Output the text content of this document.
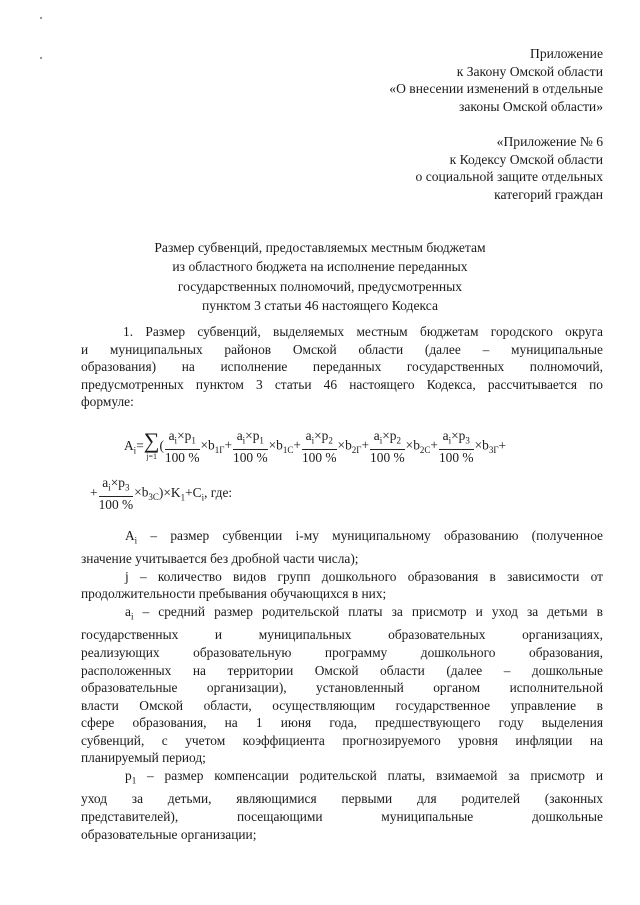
Приложение
к Закону Омской области
«О внесении изменений в отдельные
законы Омской области»
«Приложение № 6
к Кодексу Омской области
о социальной защите отдельных
категорий граждан
Размер субвенций, предоставляемых местным бюджетам
из областного бюджета на исполнение переданных
государственных полномочий, предусмотренных
пунктом 3 статьи 46 настоящего Кодекса
1. Размер субвенций, выделяемых местным бюджетам городского округа
и муниципальных районов Омской области (далее – муниципальные
образования) на исполнение переданных государственных полномочий,
предусмотренных пунктом 3 статьи 46 настоящего Кодекса, рассчитывается по
формуле:
$A_i=\sum$
j=1
( $\frac{a_i\times p_1}{100 \%} \times b_{1Г}+ \frac{a_i\times p_1}{100 \%} \times b_{1С}+ \frac{a_i\times p_2}{100 \%} \times b_{2Г}+ \frac{a_i\times p_2}{100 \%} \times b_{2С}+ \frac{a_i\times p_3}{100 \%} \times b_{3Г}+$
+ $\frac{a_i\times p_3}{100 \%} \times b_{3С})\times K_1+C_i$, где:
$A_i$ – размер субвенции i-му муниципальному образованию (полученное
значение учитывается без дробной части числа);
j – количество видов групп дошкольного образования в зависимости от
продолжительности пребывания обучающихся в них;
$a_i$ – средний размер родительской платы за присмотр и уход за детьми в
государственных и муниципальных образовательных организациях,
реализующих образовательную программу дошкольного образования,
расположенных на территории Омской области (далее – дошкольные
образовательные организации), установленный органом исполнительной
власти Омской области, осуществляющим государственное управление в
сфере образования, на 1 июня года, предшествующего году выделения
субвенций, с учетом коэффициента прогнозируемого уровня инфляции на
планируемый период;
$p_1$ – размер компенсации родительской платы, взимаемой за присмотр и
уход за детьми, являющимися первыми для родителей (законных
представителей), посещающими муниципальные дошкольные
образовательные организации;
